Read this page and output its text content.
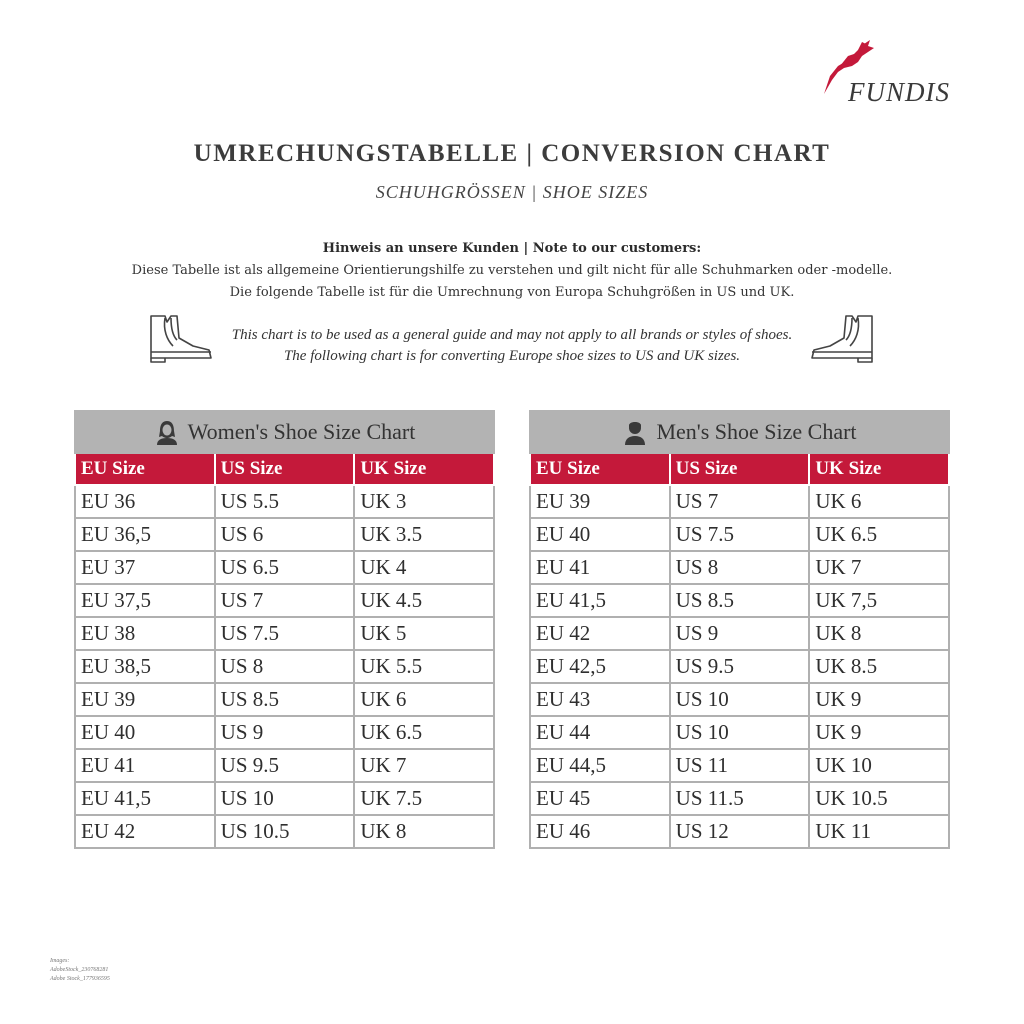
FUNDIS
UMRECHUNGSTABELLE | CONVERSION CHART
SCHUHGRÖSSEN | SHOE SIZES
Hinweis an unsere Kunden | Note to our customers:
Diese Tabelle ist als allgemeine Orientierungshilfe zu verstehen und gilt nicht für alle Schuhmarken oder -modelle.
Die folgende Tabelle ist für die Umrechnung von Europa Schuhgrößen in US und UK.
This chart is to be used as a general guide and may not apply to all brands or styles of shoes.
The following chart is for converting Europe shoe sizes to US and UK sizes.
Women's Shoe Size Chart
EU Size	US Size	UK Size
EU 36	US 5.5	UK 3
EU 36,5	US 6	UK 3.5
EU 37	US 6.5	UK 4
EU 37,5	US 7	UK 4.5
EU 38	US 7.5	UK 5
EU 38,5	US 8	UK 5.5
EU 39	US 8.5	UK 6
EU 40	US 9	UK 6.5
EU 41	US 9.5	UK 7
EU 41,5	US 10	UK 7.5
EU 42	US 10.5	UK 8
Men's Shoe Size Chart
EU Size	US Size	UK Size
EU 39	US 7	UK 6
EU 40	US 7.5	UK 6.5
EU 41	US 8	UK 7
EU 41,5	US 8.5	UK 7,5
EU 42	US 9	UK 8
EU 42,5	US 9.5	UK 8.5
EU 43	US 10	UK 9
EU 44	US 10	UK 9
EU 44,5	US 11	UK 10
EU 45	US 11.5	UK 10.5
EU 46	US 12	UK 11
Images:
AdobeStock_230768281
Adobe Stock_177936595
